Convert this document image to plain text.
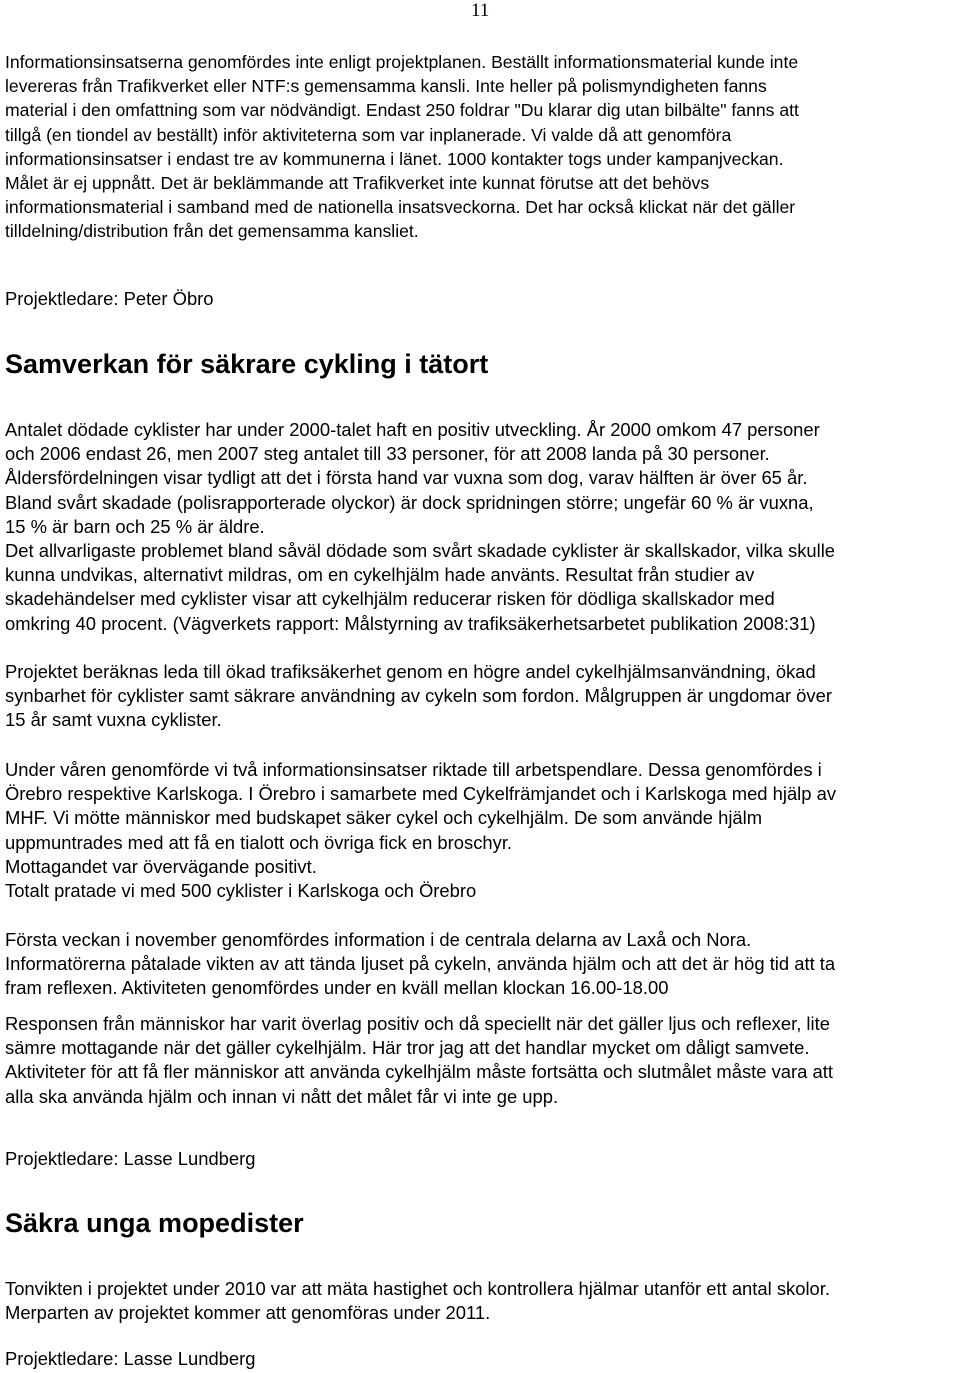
11
Informationsinsatserna genomfördes inte enligt projektplanen. Beställt informationsmaterial kunde inte
levereras från Trafikverket eller NTF:s gemensamma kansli. Inte heller på polismyndigheten fanns
material i den omfattning som var nödvändigt. Endast 250 foldrar "Du klarar dig utan bilbälte" fanns att
tillgå (en tiondel av beställt) inför aktiviteterna som var inplanerade. Vi valde då att genomföra
informationsinsatser i endast tre av kommunerna i länet. 1000 kontakter togs under kampanjveckan.
Målet är ej uppnått. Det är beklämmande att Trafikverket inte kunnat förutse att det behövs
informationsmaterial i samband med de nationella insatsveckorna. Det har också klickat när det gäller
tilldelning/distribution från det gemensamma kansliet.
Projektledare: Peter Öbro
Samverkan för säkrare cykling i tätort
Antalet dödade cyklister har under 2000-talet haft en positiv utveckling. År 2000 omkom 47 personer
och 2006 endast 26, men 2007 steg antalet till 33 personer, för att 2008 landa på 30 personer.
Åldersfördelningen visar tydligt att det i första hand var vuxna som dog, varav hälften är över 65 år.
Bland svårt skadade (polisrapporterade olyckor) är dock spridningen större; ungefär 60 % är vuxna,
15 % är barn och 25 % är äldre.
Det allvarligaste problemet bland såväl dödade som svårt skadade cyklister är skallskador, vilka skulle
kunna undvikas, alternativt mildras, om en cykelhjälm hade använts. Resultat från studier av
skadehändelser med cyklister visar att cykelhjälm reducerar risken för dödliga skallskador med
omkring 40 procent. (Vägverkets rapport: Målstyrning av trafiksäkerhetsarbetet publikation 2008:31)
Projektet beräknas leda till ökad trafiksäkerhet genom en högre andel cykelhjälmsanvändning, ökad
synbarhet för cyklister samt säkrare användning av cykeln som fordon. Målgruppen är ungdomar över
15 år samt vuxna cyklister.
Under våren genomförde vi två informationsinsatser riktade till arbetspendlare. Dessa genomfördes i
Örebro respektive Karlskoga. I Örebro i samarbete med Cykelfrämjandet och i Karlskoga med hjälp av
MHF. Vi mötte människor med budskapet säker cykel och cykelhjälm. De som använde hjälm
uppmuntrades med att få en tialott och övriga fick en broschyr.
Mottagandet var övervägande positivt.
Totalt pratade vi med 500 cyklister i Karlskoga och Örebro
Första veckan i november genomfördes information i de centrala delarna av Laxå och Nora.
Informatörerna påtalade vikten av att tända ljuset på cykeln, använda hjälm och att det är hög tid att ta
fram reflexen. Aktiviteten genomfördes under en kväll mellan klockan 16.00-18.00
Responsen från människor har varit överlag positiv och då speciellt när det gäller ljus och reflexer, lite
sämre mottagande när det gäller cykelhjälm. Här tror jag att det handlar mycket om dåligt samvete.
Aktiviteter för att få fler människor att använda cykelhjälm måste fortsätta och slutmålet måste vara att
alla ska använda hjälm och innan vi nått det målet får vi inte ge upp.
Projektledare: Lasse Lundberg
Säkra unga mopedister
Tonvikten i projektet under 2010 var att mäta hastighet och kontrollera hjälmar utanför ett antal skolor.
Merparten av projektet kommer att genomföras under 2011.
Projektledare: Lasse Lundberg
